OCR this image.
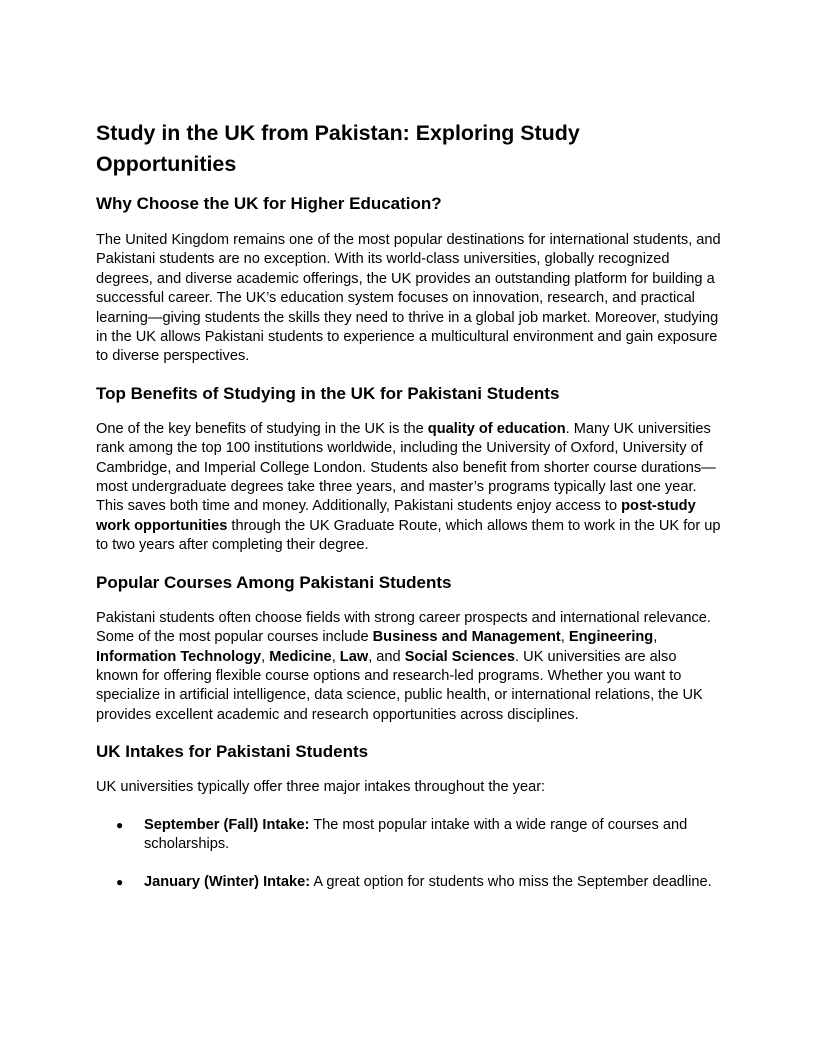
Study in the UK from Pakistan: Exploring Study Opportunities
Why Choose the UK for Higher Education?

The United Kingdom remains one of the most popular destinations for international students, and Pakistani students are no exception. With its world-class universities, globally recognized degrees, and diverse academic offerings, the UK provides an outstanding platform for building a successful career. The UK’s education system focuses on innovation, research, and practical learning—giving students the skills they need to thrive in a global job market. Moreover, studying in the UK allows Pakistani students to experience a multicultural environment and gain exposure to diverse perspectives.

Top Benefits of Studying in the UK for Pakistani Students

One of the key benefits of studying in the UK is the quality of education. Many UK universities rank among the top 100 institutions worldwide, including the University of Oxford, University of Cambridge, and Imperial College London. Students also benefit from shorter course durations—most undergraduate degrees take three years, and master’s programs typically last one year. This saves both time and money. Additionally, Pakistani students enjoy access to post-study work opportunities through the UK Graduate Route, which allows them to work in the UK for up to two years after completing their degree.

Popular Courses Among Pakistani Students

Pakistani students often choose fields with strong career prospects and international relevance. Some of the most popular courses include Business and Management, Engineering, Information Technology, Medicine, Law, and Social Sciences. UK universities are also known for offering flexible course options and research-led programs. Whether you want to specialize in artificial intelligence, data science, public health, or international relations, the UK provides excellent academic and research opportunities across disciplines.

UK Intakes for Pakistani Students

UK universities typically offer three major intakes throughout the year:

● September (Fall) Intake: The most popular intake with a wide range of courses and scholarships.
● January (Winter) Intake: A great option for students who miss the September deadline.
